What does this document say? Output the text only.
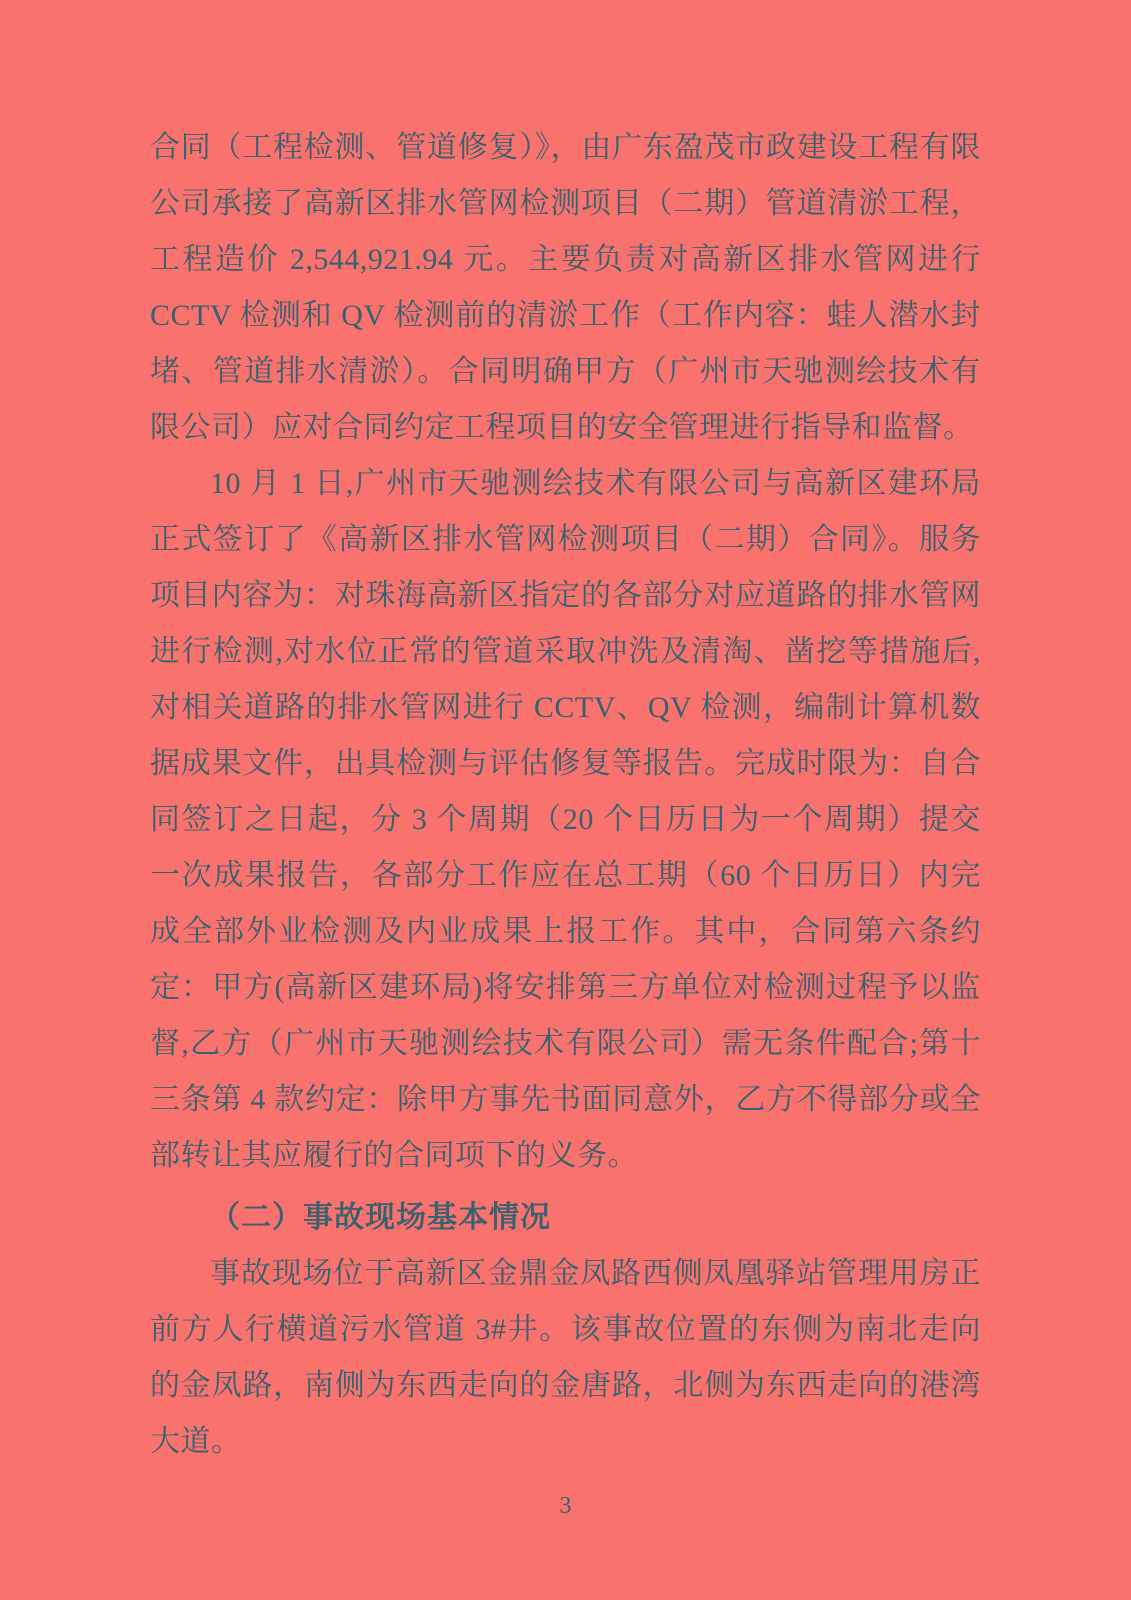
合同（工程检测、管道修复）》，由广东盈茂市政建设工程有限公司承接了高新区排水管网检测项目（二期）管道清淤工程，工程造价 2,544,921.94 元。主要负责对高新区排水管网进行 CCTV 检测和 QV 检测前的清淤工作（工作内容：蛙人潜水封堵、管道排水清淤）。合同明确甲方（广州市天驰测绘技术有限公司）应对合同约定工程项目的安全管理进行指导和监督。

10 月 1 日,广州市天驰测绘技术有限公司与高新区建环局正式签订了《高新区排水管网检测项目（二期）合同》。服务项目内容为：对珠海高新区指定的各部分对应道路的排水管网进行检测,对水位正常的管道采取冲洗及清淘、凿挖等措施后,对相关道路的排水管网进行 CCTV、QV 检测，编制计算机数据成果文件，出具检测与评估修复等报告。完成时限为：自合同签订之日起，分 3 个周期（20 个日历日为一个周期）提交一次成果报告，各部分工作应在总工期（60 个日历日）内完成全部外业检测及内业成果上报工作。其中，合同第六条约定：甲方(高新区建环局)将安排第三方单位对检测过程予以监督,乙方（广州市天驰测绘技术有限公司）需无条件配合;第十三条第 4 款约定：除甲方事先书面同意外，乙方不得部分或全部转让其应履行的合同项下的义务。

（二）事故现场基本情况

事故现场位于高新区金鼎金凤路西侧凤凰驿站管理用房正前方人行横道污水管道 3#井。该事故位置的东侧为南北走向的金凤路，南侧为东西走向的金唐路，北侧为东西走向的港湾大道。

3
